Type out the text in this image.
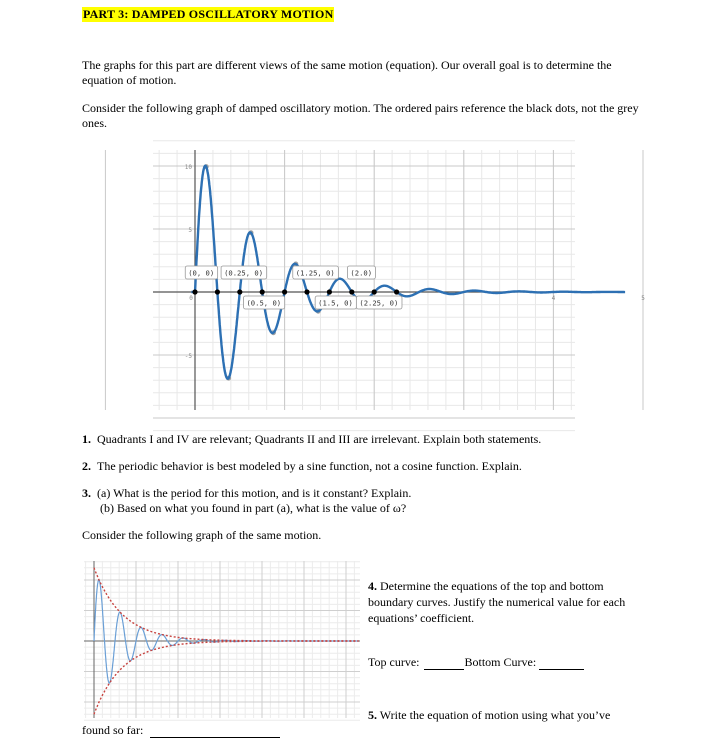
PART 3: DAMPED OSCILLATORY MOTION
The graphs for this part are different views of the same motion (equation). Our overall goal is to determine the equation of motion.
Consider the following graph of damped oscillatory motion. The ordered pairs reference the black dots, not the grey ones.
10
5
-5
0	4	5
(0, 0) (0.25, 0)
(0.5, 0)
(1.25, 0)
(1.5, 0)
(2.0)
(2.25, 0)
1. Quadrants I and IV are relevant; Quadrants II and III are irrelevant. Explain both statements.
2. The periodic behavior is best modeled by a sine function, not a cosine function. Explain.
3. (a) What is the period for this motion, and is it constant? Explain.
(b) Based on what you found in part (a), what is the value of ω?
Consider the following graph of the same motion.
4. Determine the equations of the top and bottom boundary curves. Justify the numerical value for each equations’ coefficient.
Top curve:	Bottom Curve:
5. Write the equation of motion using what you’ve
found so far:
